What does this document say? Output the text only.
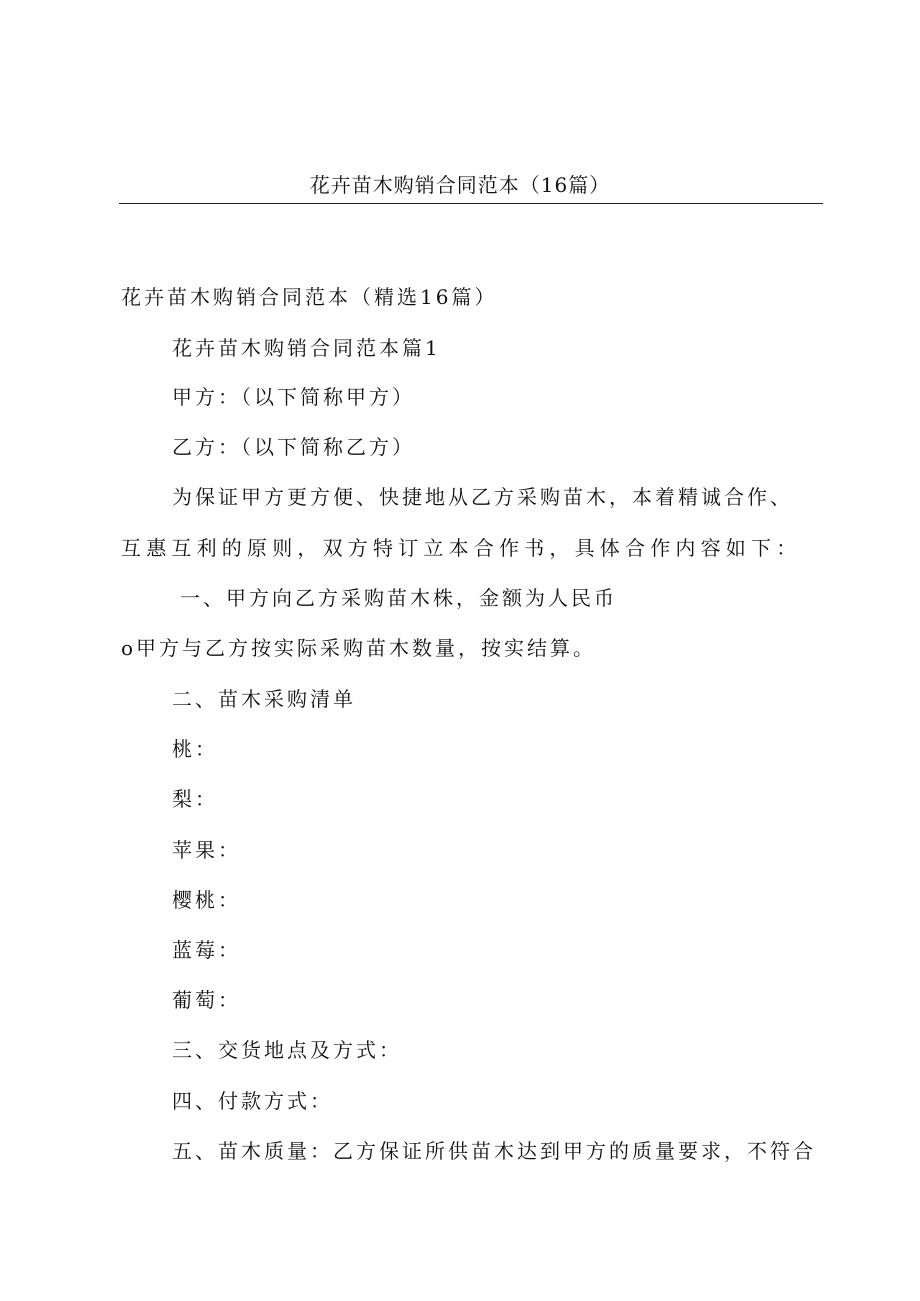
花卉苗木购销合同范本（16篇）
花卉苗木购销合同范本（精选16篇）
花卉苗木购销合同范本篇1
甲方：（以下简称甲方）
乙方：（以下简称乙方）
为保证甲方更方便、快捷地从乙方采购苗木，本着精诚合作、
互惠互利的原则，双方特订立本合作书，具体合作内容如下：
一、甲方向乙方采购苗木株，金额为人民币
o甲方与乙方按实际采购苗木数量，按实结算。
二、苗木采购清单
桃：
梨：
苹果：
樱桃：
蓝莓：
葡萄：
三、交货地点及方式：
四、付款方式：
五、苗木质量：乙方保证所供苗木达到甲方的质量要求，不符合
